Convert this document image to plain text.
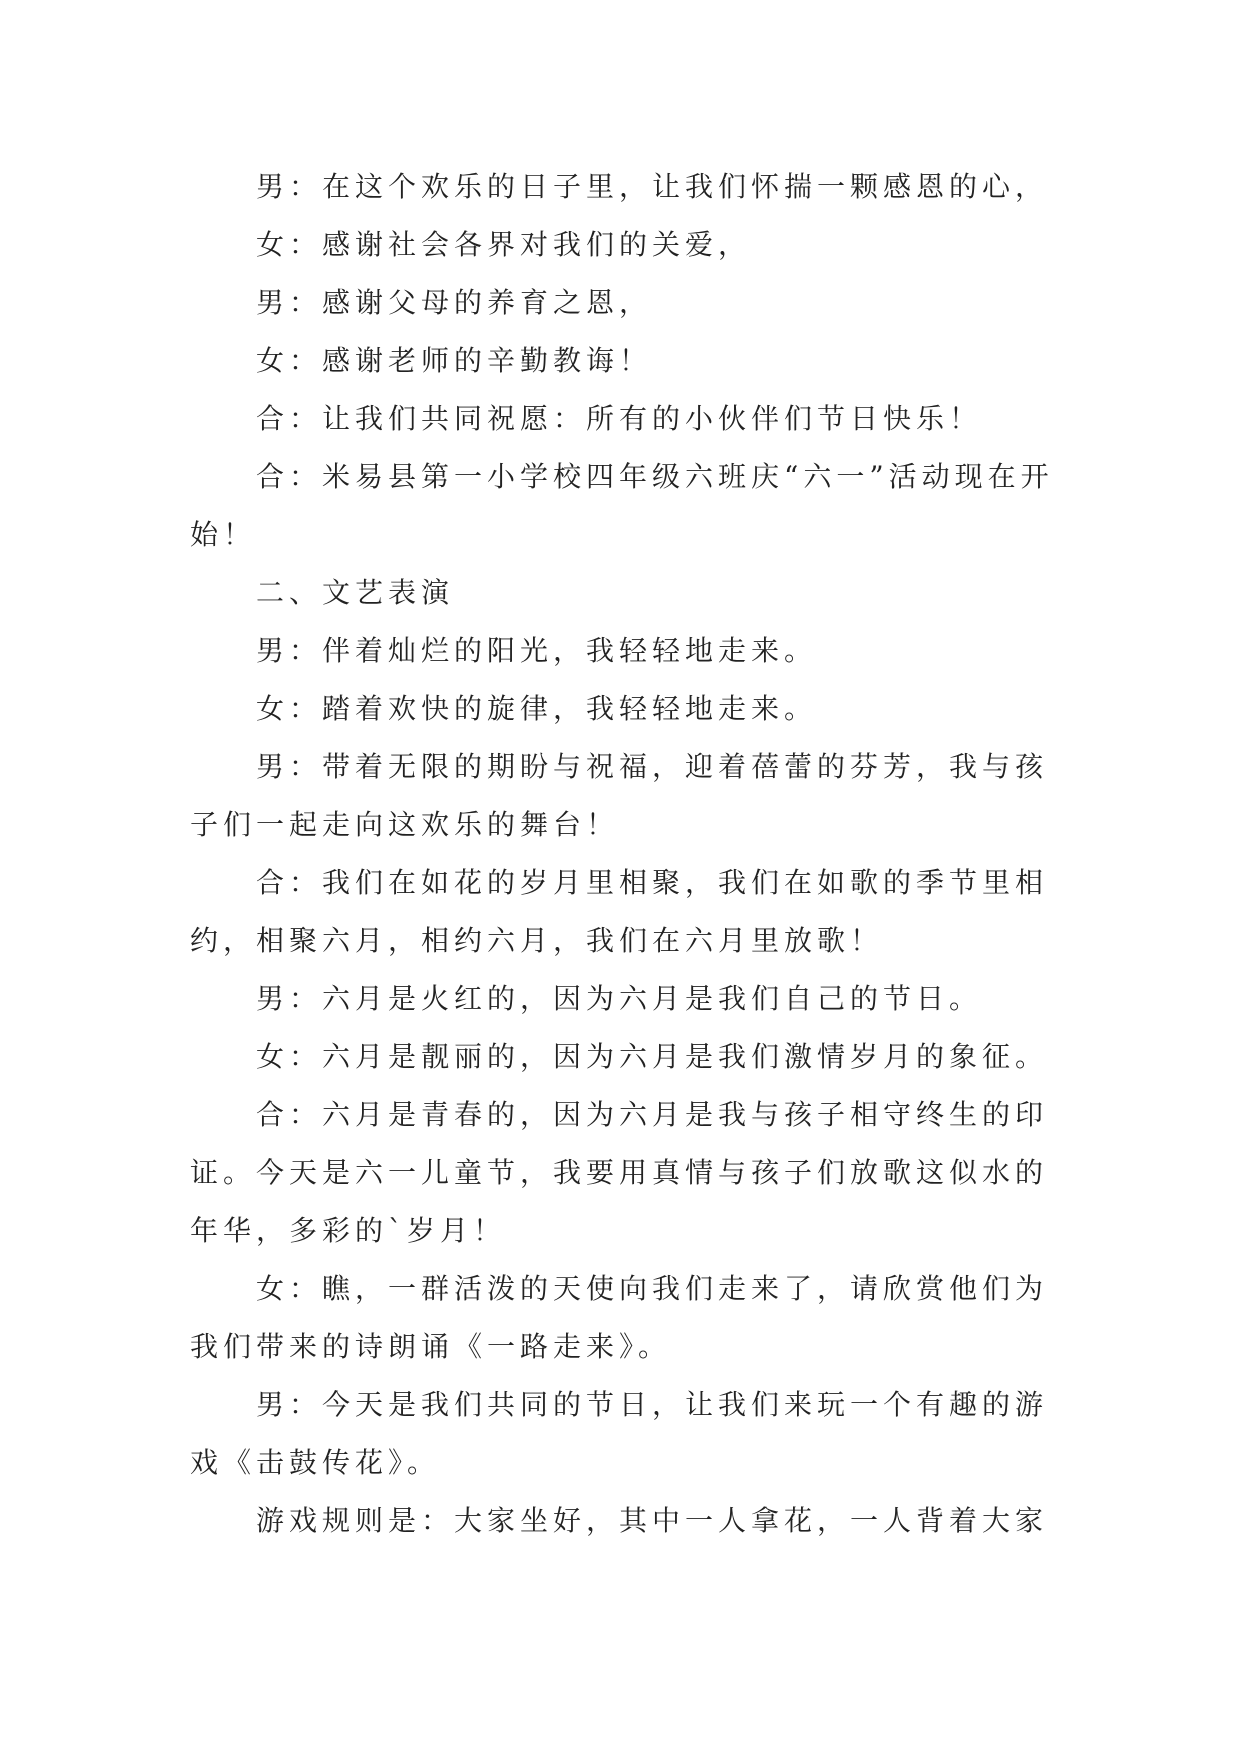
男：在这个欢乐的日子里，让我们怀揣一颗感恩的心，

女：感谢社会各界对我们的关爱，

男：感谢父母的养育之恩，

女：感谢老师的辛勤教诲！

合：让我们共同祝愿：所有的小伙伴们节日快乐！

合：米易县第一小学校四年级六班庆“六一”活动现在开始！

二、文艺表演

男：伴着灿烂的阳光，我轻轻地走来。

女：踏着欢快的旋律，我轻轻地走来。

男：带着无限的期盼与祝福，迎着蓓蕾的芬芳，我与孩子们一起走向这欢乐的舞台！

合：我们在如花的岁月里相聚，我们在如歌的季节里相约，相聚六月，相约六月，我们在六月里放歌！

男：六月是火红的，因为六月是我们自己的节日。

女：六月是靓丽的，因为六月是我们激情岁月的象征。

合：六月是青春的，因为六月是我与孩子相守终生的印证。今天是六一儿童节，我要用真情与孩子们放歌这似水的年华，多彩的`岁月！

女：瞧，一群活泼的天使向我们走来了，请欣赏他们为我们带来的诗朗诵《一路走来》。

男：今天是我们共同的节日，让我们来玩一个有趣的游戏《击鼓传花》。

游戏规则是：大家坐好，其中一人拿花，一人背着大家
